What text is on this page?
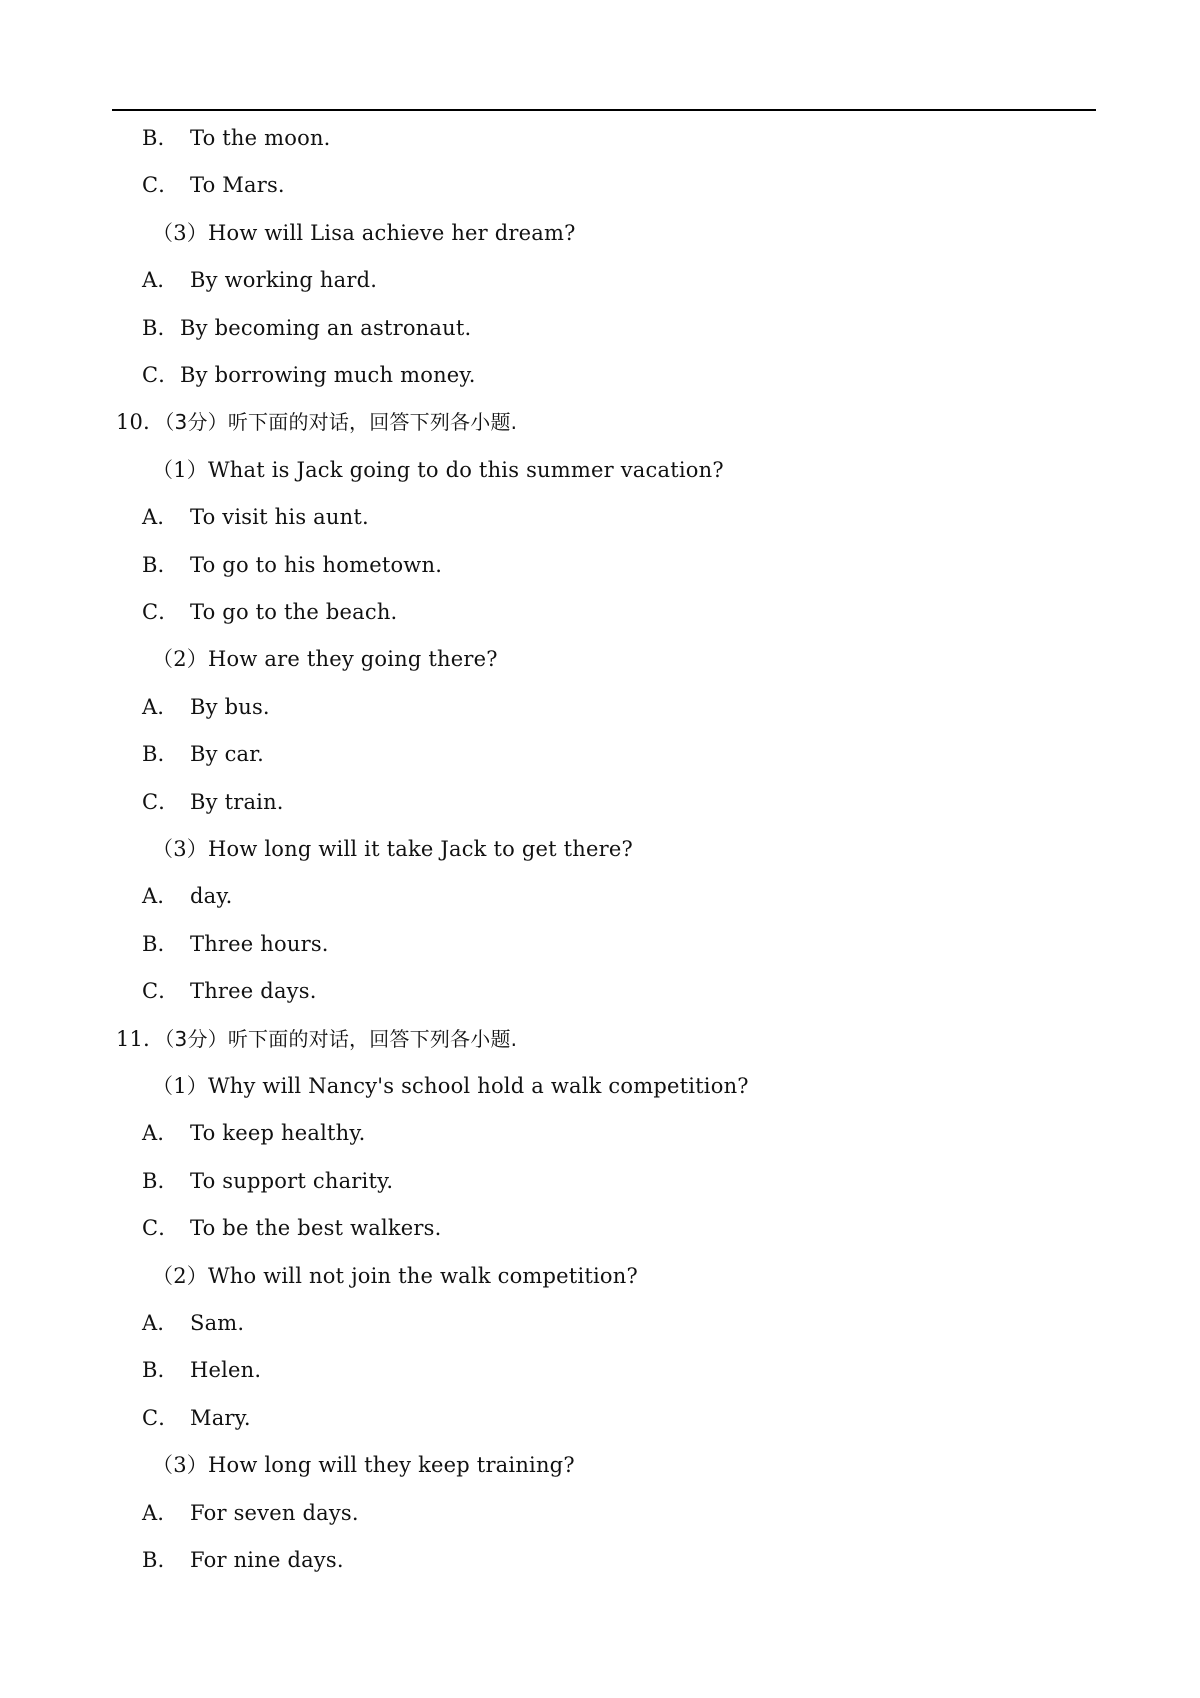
B． To the moon.
C． To Mars.
（3）How will Lisa achieve her dream?
A． By working hard.
B．By becoming an astronaut.
C．By borrowing much money.
10．（3分）听下面的对话，回答下列各小题.
（1）What is Jack going to do this summer vacation?
A． To visit his aunt.
B． To go to his hometown.
C． To go to the beach.
（2）How are they going there?
A． By bus.
B． By car.
C． By train.
（3）How long will it take Jack to get there?
A． day.
B． Three hours.
C． Three days.
11．（3分）听下面的对话，回答下列各小题.
（1）Why will Nancy's school hold a walk competition?
A． To keep healthy.
B． To support charity.
C． To be the best walkers.
（2）Who will not join the walk competition?
A． Sam.
B． Helen.
C． Mary.
（3）How long will they keep training?
A． For seven days.
B． For nine days.
